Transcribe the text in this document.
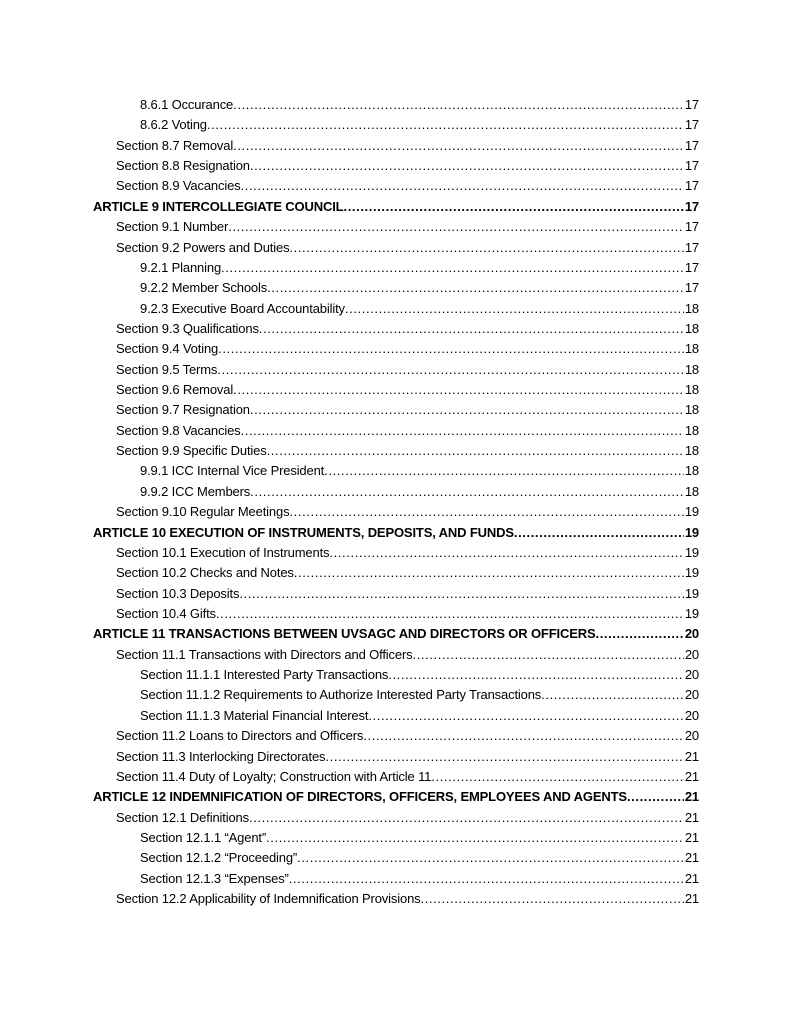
8.6.1 Occurance .....	17
8.6.2 Voting .....	17
Section 8.7 Removal .....	17
Section 8.8 Resignation .....	17
Section 8.9 Vacancies .....	17
ARTICLE 9 INTERCOLLEGIATE COUNCIL .....	17
Section 9.1 Number .....	17
Section 9.2 Powers and Duties .....	17
9.2.1 Planning .....	17
9.2.2 Member Schools .....	17
9.2.3 Executive Board Accountability .....	18
Section 9.3 Qualifications .....	18
Section 9.4 Voting .....	18
Section 9.5 Terms .....	18
Section 9.6 Removal .....	18
Section 9.7 Resignation .....	18
Section 9.8 Vacancies .....	18
Section 9.9 Specific Duties .....	18
9.9.1 ICC Internal Vice President .....	18
9.9.2 ICC Members .....	18
Section 9.10 Regular Meetings .....	19
ARTICLE 10 EXECUTION OF INSTRUMENTS, DEPOSITS, AND FUNDS .....	19
Section 10.1 Execution of Instruments .....	19
Section 10.2 Checks and Notes .....	19
Section 10.3 Deposits .....	19
Section 10.4 Gifts .....	19
ARTICLE 11 TRANSACTIONS BETWEEN UVSAGC AND DIRECTORS OR OFFICERS .....	20
Section 11.1 Transactions with Directors and Officers .....	20
Section 11.1.1 Interested Party Transactions .....	20
Section 11.1.2 Requirements to Authorize Interested Party Transactions .....	20
Section 11.1.3 Material Financial Interest .....	20
Section 11.2 Loans to Directors and Officers .....	20
Section 11.3 Interlocking Directorates .....	21
Section 11.4 Duty of Loyalty; Construction with Article 11 .....	21
ARTICLE 12 INDEMNIFICATION OF DIRECTORS, OFFICERS, EMPLOYEES AND AGENTS .....	21
Section 12.1 Definitions .....	21
Section 12.1.1 “Agent” .....	21
Section 12.1.2 “Proceeding” .....	21
Section 12.1.3 “Expenses” .....	21
Section 12.2 Applicability of Indemnification Provisions .....	21
